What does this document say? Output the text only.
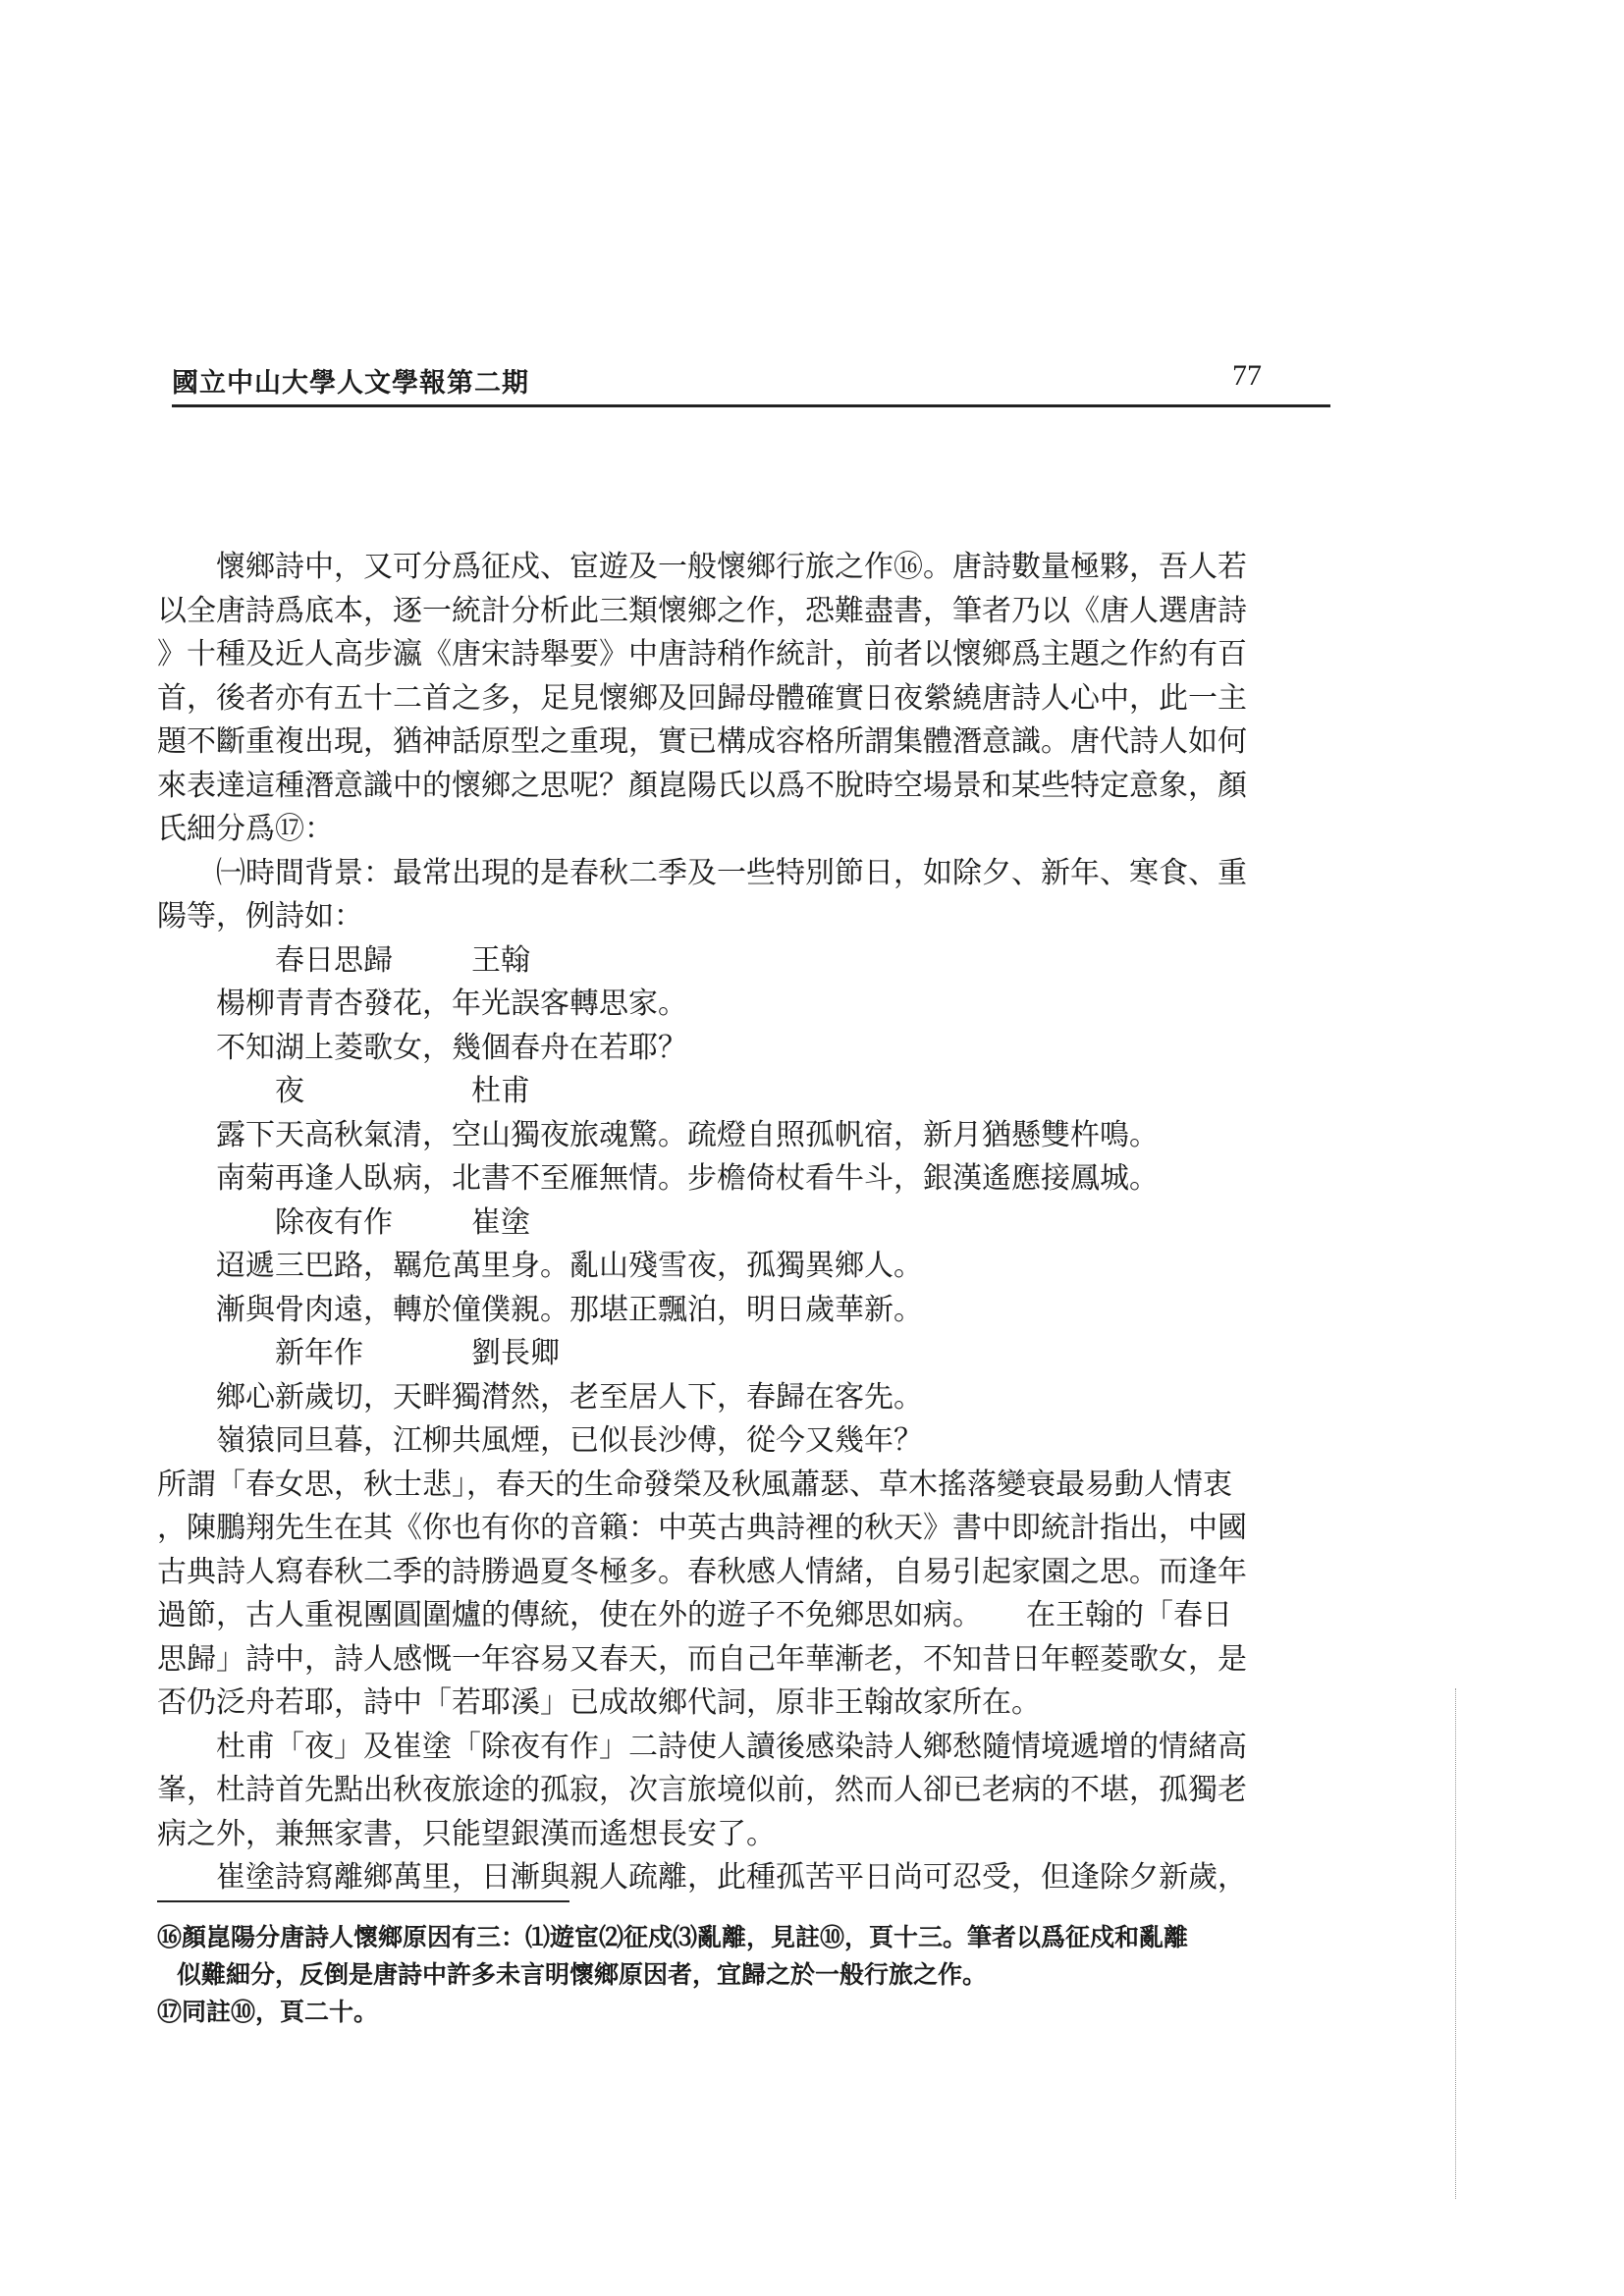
國立中山大學人文學報第二期	77
懷鄉詩中，又可分爲征戍、宦遊及一般懷鄉行旅之作⑯。唐詩數量極夥，吾人若
以全唐詩爲底本，逐一統計分析此三類懷鄉之作，恐難盡書，筆者乃以《唐人選唐詩
》十種及近人高步瀛《唐宋詩舉要》中唐詩稍作統計，前者以懷鄉爲主題之作約有百
首，後者亦有五十二首之多，足見懷鄉及回歸母體確實日夜縈繞唐詩人心中，此一主
題不斷重複出現，猶神話原型之重現，實已構成容格所謂集體潛意識。唐代詩人如何
來表達這種潛意識中的懷鄉之思呢？顏崑陽氏以爲不脫時空場景和某些特定意象，顏
氏細分爲⑰：
㈠時間背景：最常出現的是春秋二季及一些特別節日，如除夕、新年、寒食、重
陽等，例詩如：
春日思歸	王翰
楊柳青青杏發花，年光誤客轉思家。
不知湖上菱歌女，幾個春舟在若耶？
夜	杜甫
露下天高秋氣清，空山獨夜旅魂驚。疏燈自照孤帆宿，新月猶懸雙杵鳴。
南菊再逢人臥病，北書不至雁無情。步檐倚杖看牛斗，銀漢遙應接鳳城。
除夜有作	崔塗
迢遞三巴路，羈危萬里身。亂山殘雪夜，孤獨異鄉人。
漸與骨肉遠，轉於僮僕親。那堪正飄泊，明日歲華新。
新年作	劉長卿
鄉心新歲切，天畔獨潸然，老至居人下，春歸在客先。
嶺猿同旦暮，江柳共風煙，已似長沙傅，從今又幾年？
所謂「春女思，秋士悲」，春天的生命發榮及秋風蕭瑟、草木搖落變衰最易動人情衷
，陳鵬翔先生在其《你也有你的音籟：中英古典詩裡的秋天》書中即統計指出，中國
古典詩人寫春秋二季的詩勝過夏冬極多。春秋感人情緒，自易引起家園之思。而逢年
過節，古人重視團圓圍爐的傳統，使在外的遊子不免鄉思如病。　　在王翰的「春日
思歸」詩中，詩人感慨一年容易又春天，而自己年華漸老，不知昔日年輕菱歌女，是
否仍泛舟若耶，詩中「若耶溪」已成故鄉代詞，原非王翰故家所在。
杜甫「夜」及崔塗「除夜有作」二詩使人讀後感染詩人鄉愁隨情境遞增的情緒高
峯，杜詩首先點出秋夜旅途的孤寂，次言旅境似前，然而人卻已老病的不堪，孤獨老
病之外，兼無家書，只能望銀漢而遙想長安了。
崔塗詩寫離鄉萬里，日漸與親人疏離，此種孤苦平日尚可忍受，但逢除夕新歲，
⑯顏崑陽分唐詩人懷鄉原因有三：⑴遊宦⑵征戍⑶亂離，見註⑩，頁十三。筆者以爲征戍和亂離
似難細分，反倒是唐詩中許多未言明懷鄉原因者，宜歸之於一般行旅之作。
⑰同註⑩，頁二十。
